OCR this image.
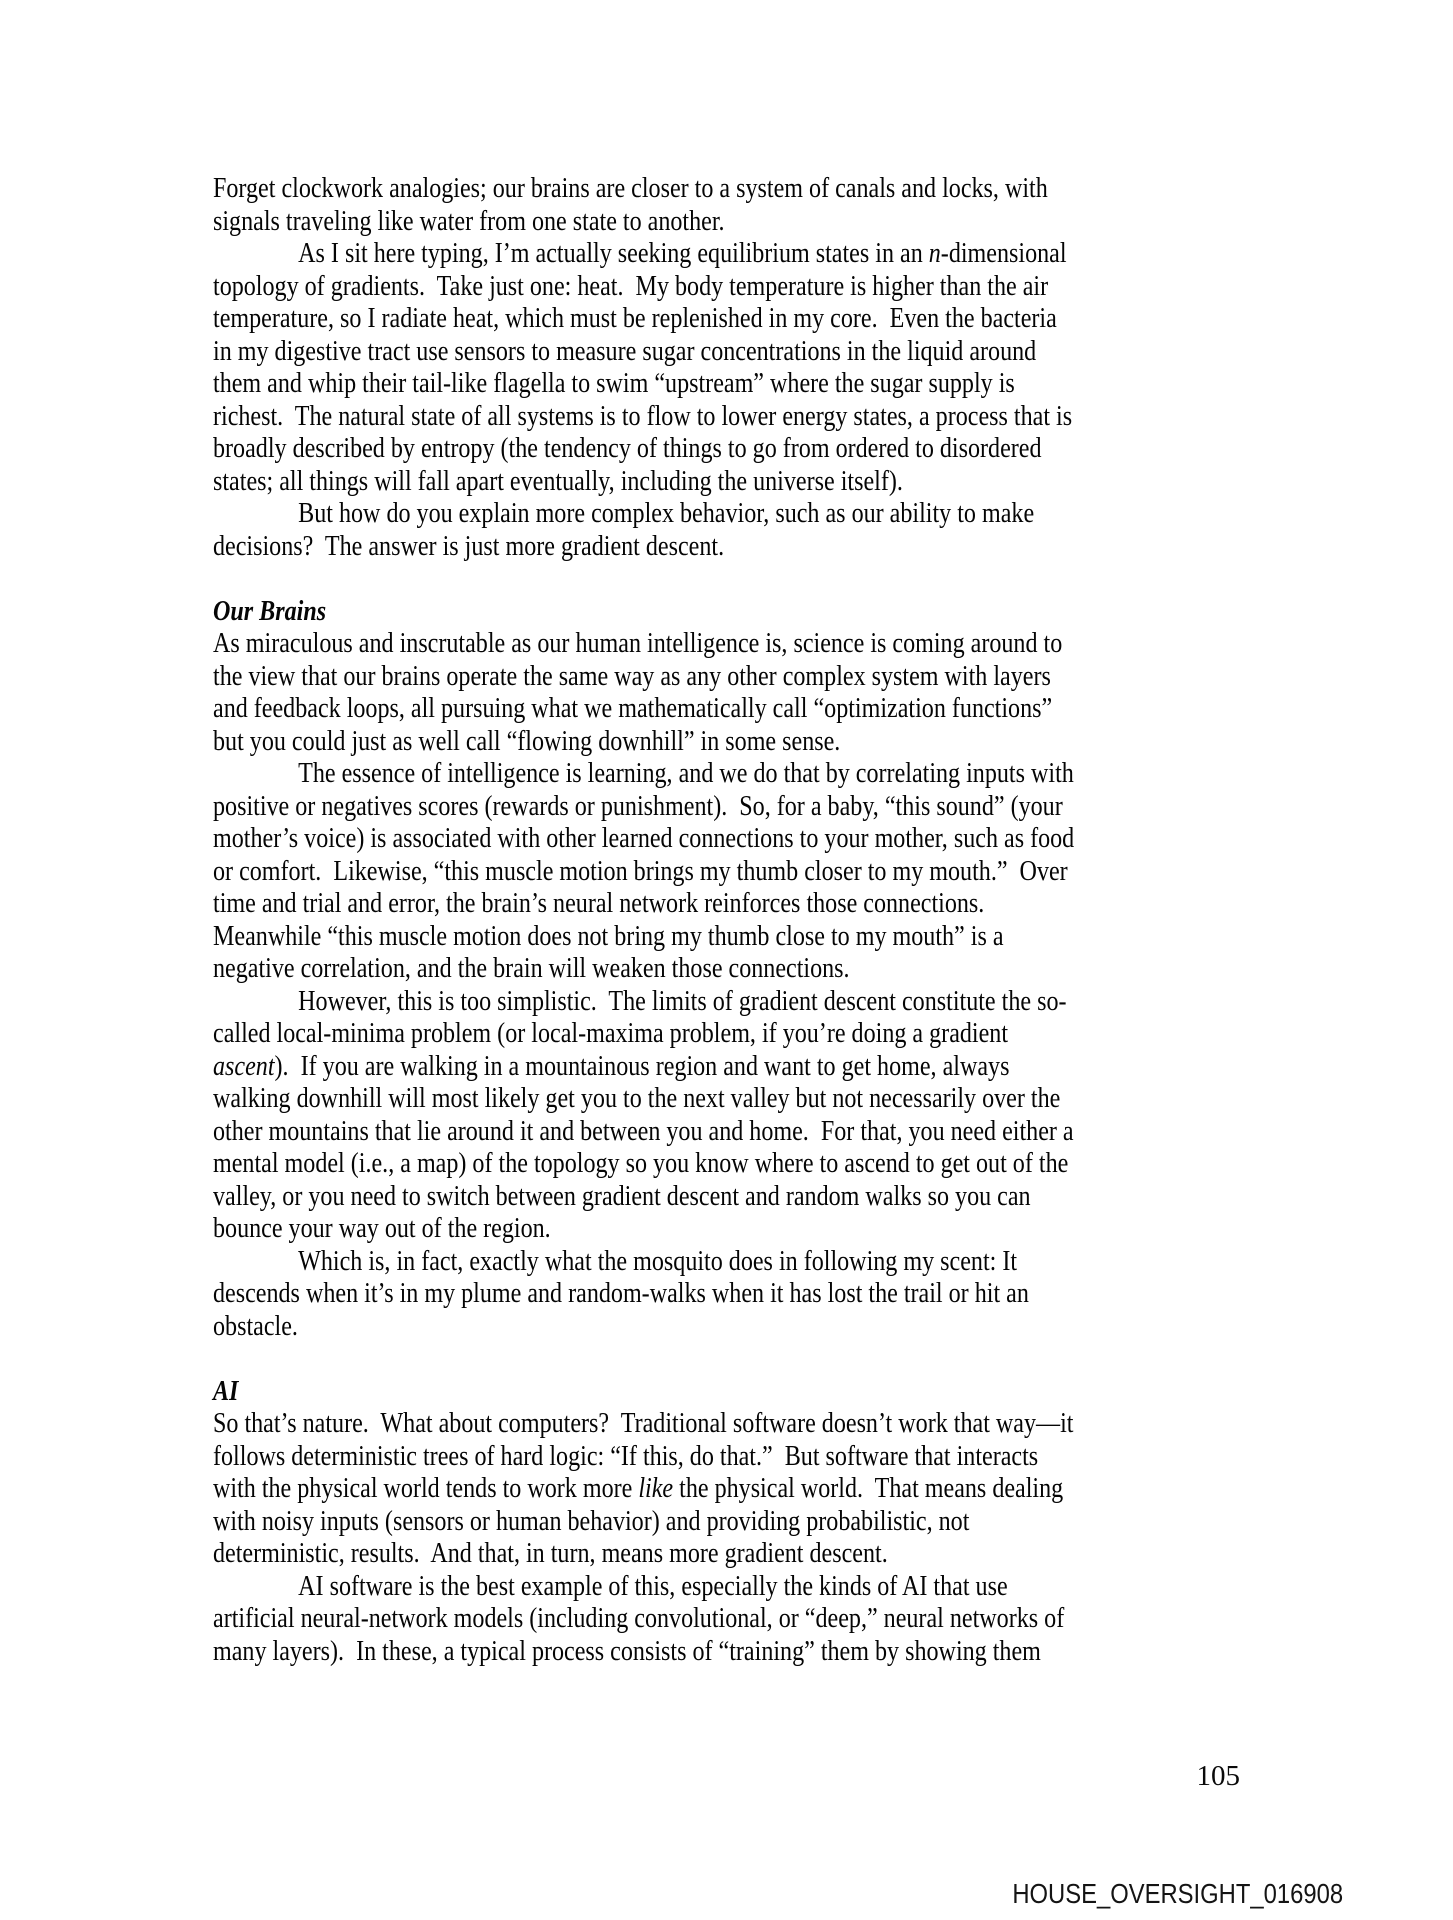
Forget clockwork analogies; our brains are closer to a system of canals and locks, with
signals traveling like water from one state to another.
As I sit here typing, I’m actually seeking equilibrium states in an n-dimensional
topology of gradients.  Take just one: heat.  My body temperature is higher than the air
temperature, so I radiate heat, which must be replenished in my core.  Even the bacteria
in my digestive tract use sensors to measure sugar concentrations in the liquid around
them and whip their tail-like flagella to swim “upstream” where the sugar supply is
richest.  The natural state of all systems is to flow to lower energy states, a process that is
broadly described by entropy (the tendency of things to go from ordered to disordered
states; all things will fall apart eventually, including the universe itself).
But how do you explain more complex behavior, such as our ability to make
decisions?  The answer is just more gradient descent.

Our Brains
As miraculous and inscrutable as our human intelligence is, science is coming around to
the view that our brains operate the same way as any other complex system with layers
and feedback loops, all pursuing what we mathematically call “optimization functions”
but you could just as well call “flowing downhill” in some sense.
The essence of intelligence is learning, and we do that by correlating inputs with
positive or negatives scores (rewards or punishment).  So, for a baby, “this sound” (your
mother’s voice) is associated with other learned connections to your mother, such as food
or comfort.  Likewise, “this muscle motion brings my thumb closer to my mouth.”  Over
time and trial and error, the brain’s neural network reinforces those connections.
Meanwhile “this muscle motion does not bring my thumb close to my mouth” is a
negative correlation, and the brain will weaken those connections.
However, this is too simplistic.  The limits of gradient descent constitute the so-
called local-minima problem (or local-maxima problem, if you’re doing a gradient
ascent).  If you are walking in a mountainous region and want to get home, always
walking downhill will most likely get you to the next valley but not necessarily over the
other mountains that lie around it and between you and home.  For that, you need either a
mental model (i.e., a map) of the topology so you know where to ascend to get out of the
valley, or you need to switch between gradient descent and random walks so you can
bounce your way out of the region.
Which is, in fact, exactly what the mosquito does in following my scent: It
descends when it’s in my plume and random-walks when it has lost the trail or hit an
obstacle.

AI
So that’s nature.  What about computers?  Traditional software doesn’t work that way—it
follows deterministic trees of hard logic: “If this, do that.”  But software that interacts
with the physical world tends to work more like the physical world.  That means dealing
with noisy inputs (sensors or human behavior) and providing probabilistic, not
deterministic, results.  And that, in turn, means more gradient descent.
AI software is the best example of this, especially the kinds of AI that use
artificial neural-network models (including convolutional, or “deep,” neural networks of
many layers).  In these, a typical process consists of “training” them by showing them
105
HOUSE_OVERSIGHT_016908
